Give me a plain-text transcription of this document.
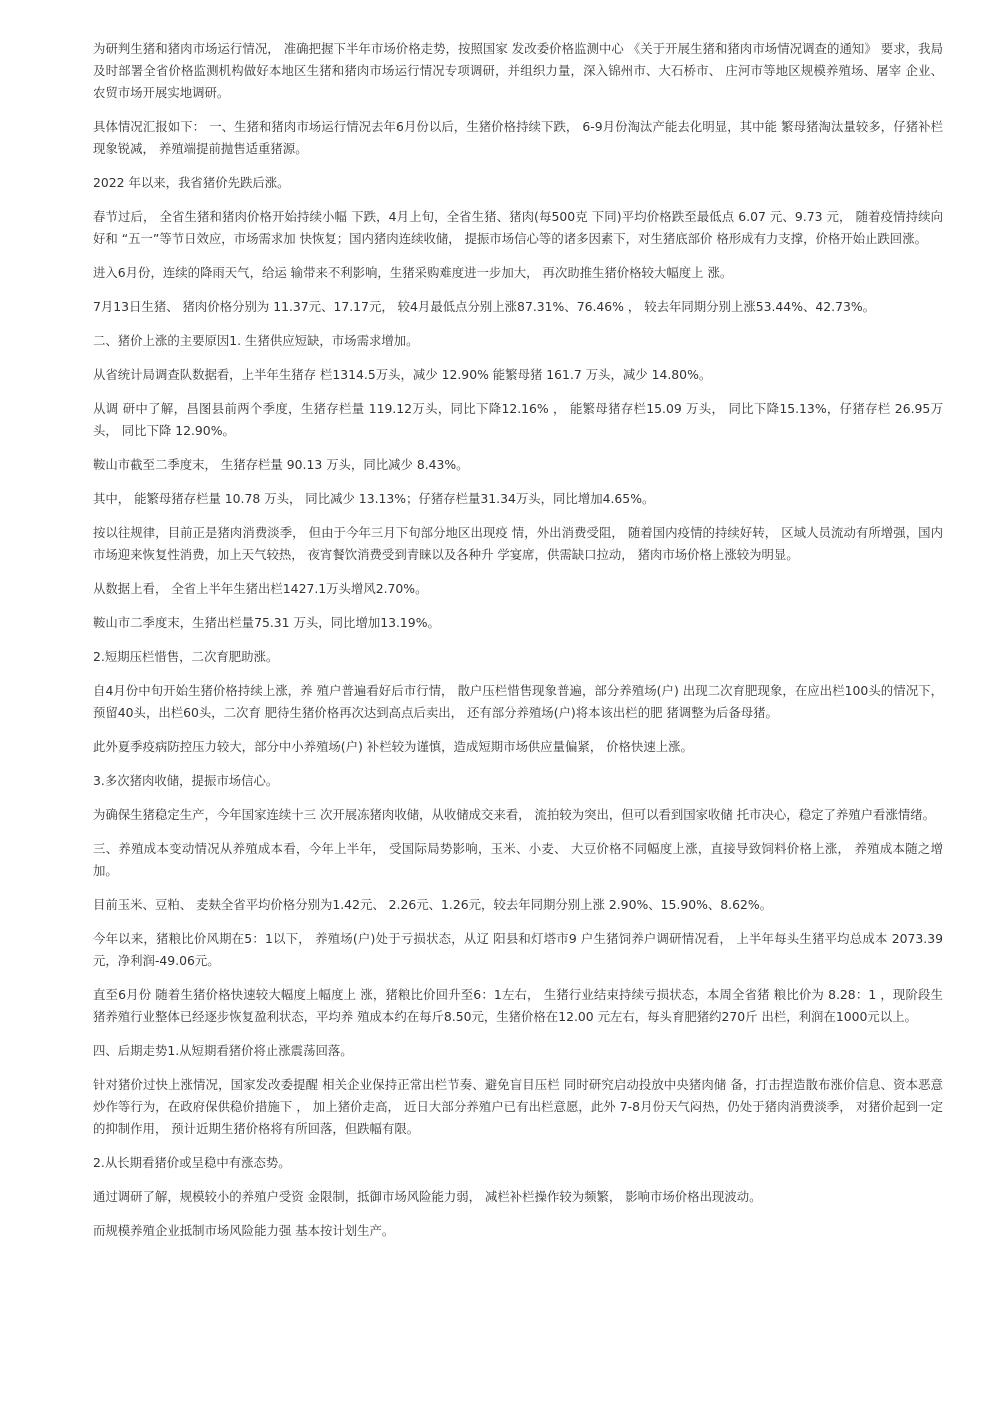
为研判生猪和猪肉市场运行情况， 准确把握下半年市场价格走势，按照国家 发改委价格监测中心 《关于开展生猪和猪肉市场情况调查的通知》 要求，我局及时部署全省价格监测机构做好本地区生猪和猪肉市场运行情况专项调研，并组织力量，深入锦州市、大石桥市、 庄河市等地区规模养殖场、屠宰 企业、农贸市场开展实地调研。

具体情况汇报如下： 一、生猪和猪肉市场运行情况去年6月份以后，生猪价格持续下跌， 6-9月份淘汰产能去化明显，其中能 繁母猪淘汰量较多，仔猪补栏现象锐减， 养殖端提前抛售适重猪源。

2022 年以来，我省猪价先跌后涨。

春节过后， 全省生猪和猪肉价格开始持续小幅 下跌，4月上旬，全省生猪、猪肉(每500克 下同)平均价格跌至最低点 6.07 元、9.73 元， 随着疫情持续向好和 “五一”等节日效应，市场需求加 快恢复；国内猪肉连续收储， 提振市场信心等的诸多因素下，对生猪底部价 格形成有力支撑，价格开始止跌回涨。

进入6月份，连续的降雨天气，给运 输带来不利影响，生猪采购难度进一步加大， 再次助推生猪价格较大幅度上 涨。

7月13日生猪、 猪肉价格分别为 11.37元、17.17元， 较4月最低点分别上涨87.31%、76.46% ， 较去年同期分别上涨53.44%、42.73%。

二、猪价上涨的主要原因1. 生猪供应短缺，市场需求增加。

从省统计局调查队数据看，上半年生猪存 栏1314.5万头，减少 12.90% 能繁母猪 161.7 万头，减少 14.80%。

从调 研中了解，昌图县前两个季度，生猪存栏量 119.12万头，同比下降12.16% ， 能繁母猪存栏15.09 万头， 同比下降15.13%，仔猪存栏 26.95万头， 同比下降 12.90%。

鞍山市截至二季度末， 生猪存栏量 90.13 万头，同比减少 8.43%。

其中， 能繁母猪存栏量 10.78 万头， 同比减少 13.13%；仔猪存栏量31.34万头，同比增加4.65%。

按以往规律，目前正是猪肉消费淡季， 但由于今年三月下旬部分地区出现疫 情，外出消费受阻， 随着国内疫情的持续好转， 区域人员流动有所增强，国内市场迎来恢复性消费，加上天气较热， 夜宵餐饮消费受到青睐以及各种升 学宴席，供需缺口拉动， 猪肉市场价格上涨较为明显。

从数据上看， 全省上半年生猪出栏1427.1万头增风2.70%。

鞍山市二季度末，生猪出栏量75.31 万头，同比增加13.19%。

2.短期压栏惜售，二次育肥助涨。

自4月份中旬开始生猪价格持续上涨，养 殖户普遍看好后市行情， 散户压栏惜售现象普遍，部分养殖场(户) 出现二次育肥现象，在应出栏100头的情况下， 预留40头，出栏60头，二次育 肥待生猪价格再次达到高点后卖出， 还有部分养殖场(户)将本该出栏的肥 猪调整为后备母猪。

此外夏季疫病防控压力较大，部分中小养殖场(户) 补栏较为谨慎，造成短期市场供应量偏紧， 价格快速上涨。

3.多次猪肉收储，提振市场信心。

为确保生猪稳定生产，今年国家连续十三 次开展冻猪肉收储，从收储成交来看， 流拍较为突出，但可以看到国家收储 托市决心，稳定了养殖户看涨情绪。

三、养殖成本变动情况从养殖成本看，今年上半年， 受国际局势影响，玉米、小麦、 大豆价格不同幅度上涨，直接导致饲料价格上涨， 养殖成本随之增加。

目前玉米、豆粕、 麦麸全省平均价格分别为1.42元、 2.26元、1.26元，较去年同期分别上涨 2.90%、15.90%、8.62%。

今年以来，猪粮比价风期在5：1以下， 养殖场(户)处于亏损状态，从辽 阳县和灯塔市9 户生猪饲养户调研情况看， 上半年每头生猪平均总成本 2073.39元，净利润-49.06元。

直至6月份 随着生猪价格快速较大幅度上幅度上 涨，猪粮比价回升至6：1左右， 生猪行业结束持续亏损状态，本周全省猪 粮比价为 8.28：1 ，现阶段生猪养殖行业整体已经逐步恢复盈利状态，平均养 殖成本约在每斤8.50元，生猪价格在12.00 元左右，每头育肥猪约270斤 出栏，利润在1000元以上。

四、后期走势1.从短期看猪价将止涨震荡回落。

针对猪价过快上涨情况，国家发改委提醒 相关企业保持正常出栏节奏、避免盲目压栏 同时研究启动投放中央猪肉储 备，打击捏造散布涨价信息、资本恶意炒作等行为，在政府保供稳价措施下 ， 加上猪价走高， 近日大部分养殖户已有出栏意愿，此外 7-8月份天气闷热，仍处于猪肉消费淡季， 对猪价起到一定的抑制作用， 预计近期生猪价格将有所回落，但跌幅有限。

2.从长期看猪价或呈稳中有涨态势。

通过调研了解，规模较小的养殖户受资 金限制，抵御市场风险能力弱， 减栏补栏操作较为频繁， 影响市场价格出现波动。

而规模养殖企业抵制市场风险能力强 基本按计划生产。
